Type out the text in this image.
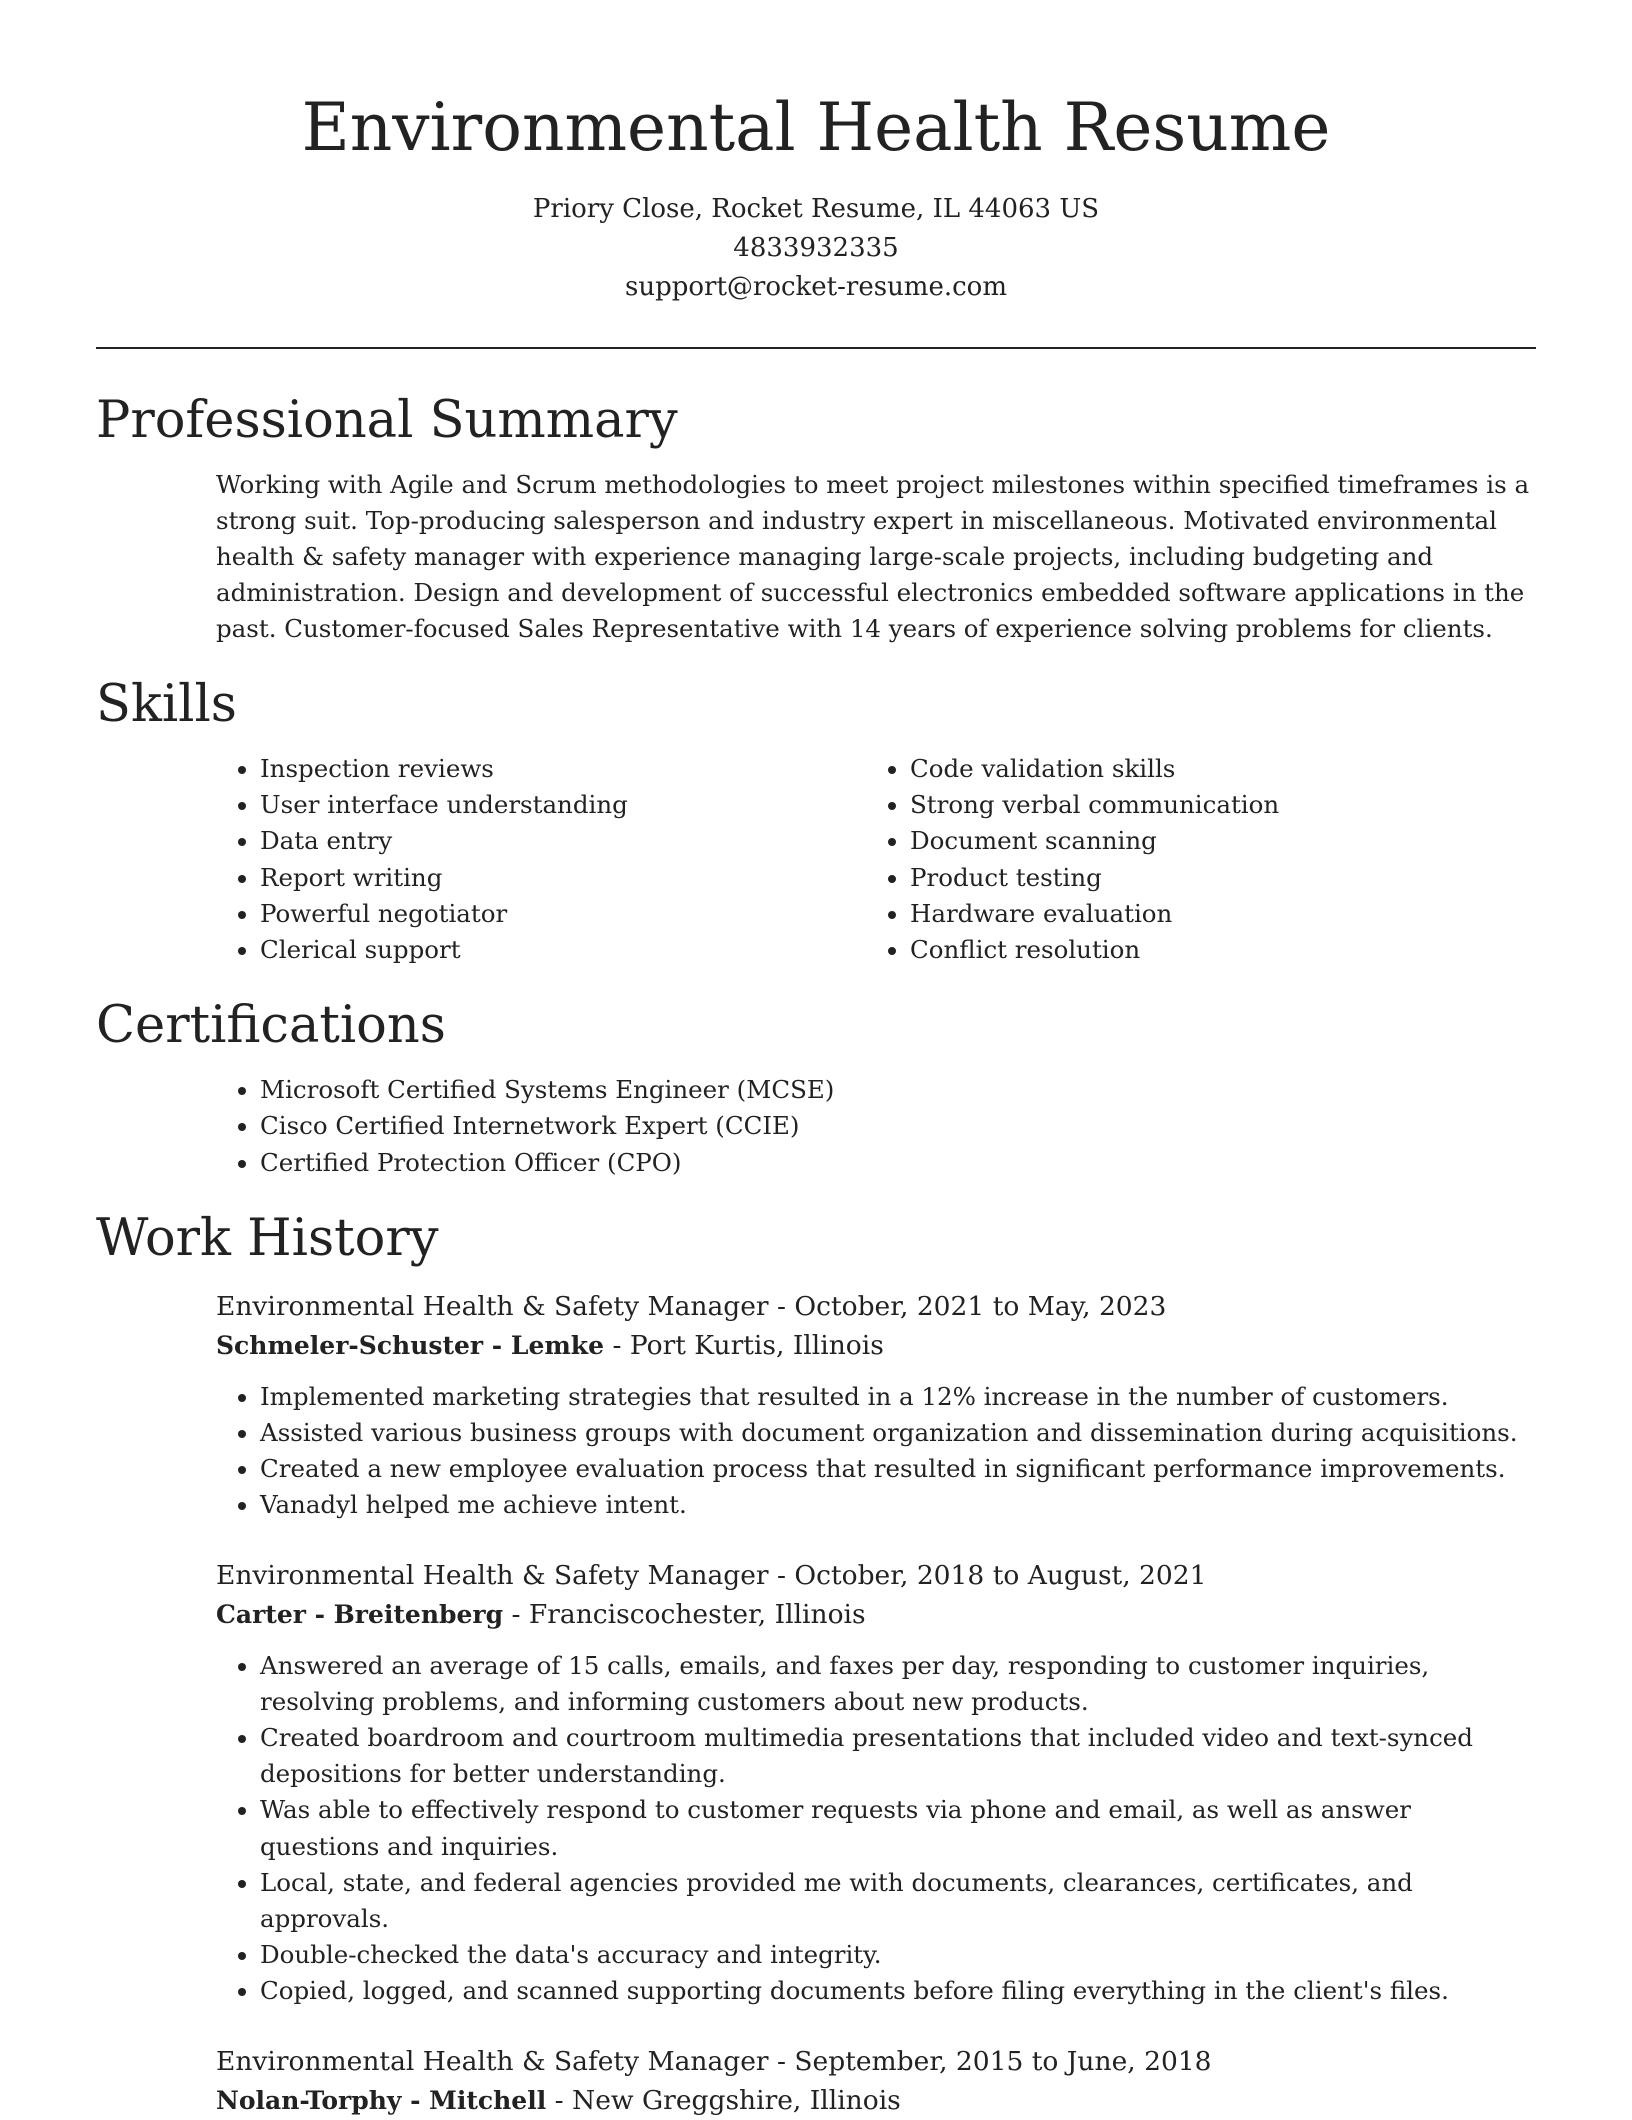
Environmental Health Resume
Priory Close, Rocket Resume, IL 44063 US
4833932335
support@rocket-resume.com
Professional Summary
Working with Agile and Scrum methodologies to meet project milestones within specified timeframes is a strong suit. Top-producing salesperson and industry expert in miscellaneous. Motivated environmental health & safety manager with experience managing large-scale projects, including budgeting and administration. Design and development of successful electronics embedded software applications in the past. Customer-focused Sales Representative with 14 years of experience solving problems for clients.
Skills
• Inspection reviews
• User interface understanding
• Data entry
• Report writing
• Powerful negotiator
• Clerical support
• Code validation skills
• Strong verbal communication
• Document scanning
• Product testing
• Hardware evaluation
• Conflict resolution
Certifications
• Microsoft Certified Systems Engineer (MCSE)
• Cisco Certified Internetwork Expert (CCIE)
• Certified Protection Officer (CPO)
Work History
Environmental Health & Safety Manager - October, 2021 to May, 2023
Schmeler-Schuster - Lemke - Port Kurtis, Illinois
• Implemented marketing strategies that resulted in a 12% increase in the number of customers.
• Assisted various business groups with document organization and dissemination during acquisitions.
• Created a new employee evaluation process that resulted in significant performance improvements.
• Vanadyl helped me achieve intent.
Environmental Health & Safety Manager - October, 2018 to August, 2021
Carter - Breitenberg - Franciscochester, Illinois
• Answered an average of 15 calls, emails, and faxes per day, responding to customer inquiries, resolving problems, and informing customers about new products.
• Created boardroom and courtroom multimedia presentations that included video and text-synced depositions for better understanding.
• Was able to effectively respond to customer requests via phone and email, as well as answer questions and inquiries.
• Local, state, and federal agencies provided me with documents, clearances, certificates, and approvals.
• Double-checked the data's accuracy and integrity.
• Copied, logged, and scanned supporting documents before filing everything in the client's files.
Environmental Health & Safety Manager - September, 2015 to June, 2018
Nolan-Torphy - Mitchell - New Greggshire, Illinois
